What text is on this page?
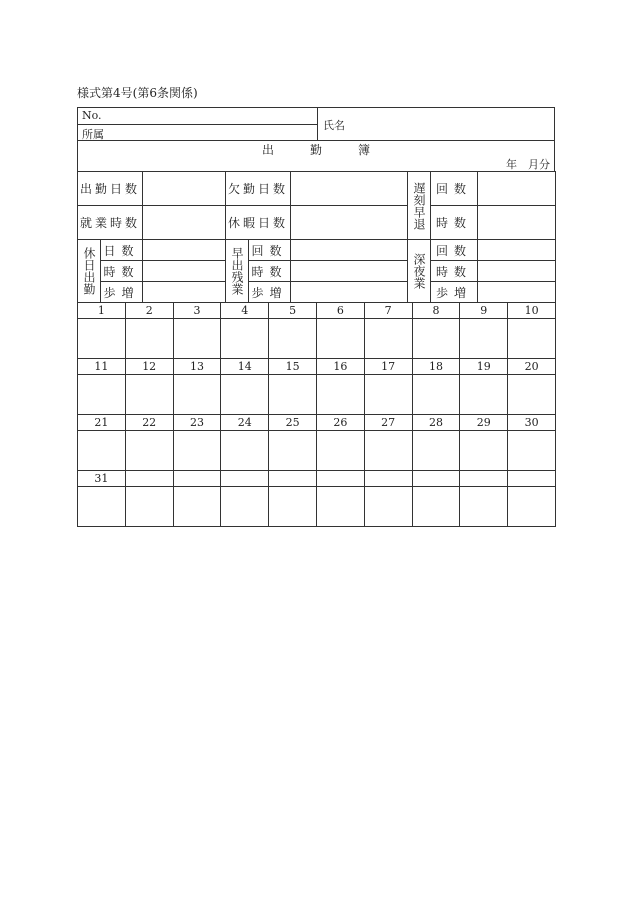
様式第4号(第6条関係)
No.
所属
氏名
出勤簿
年　月分
出勤日数			欠勤日数			遅刻早退	回数	
就業時数			休暇日数				時数	

休日出勤	日数		早出残業	回数		深夜業	回数	
	時数			時数			時数	
	歩増			歩増			歩増	
1	2	3	4	5	6	7	8	9	10

11	12	13	14	15	16	17	18	19	20

21	22	23	24	25	26	27	28	29	30

31									
